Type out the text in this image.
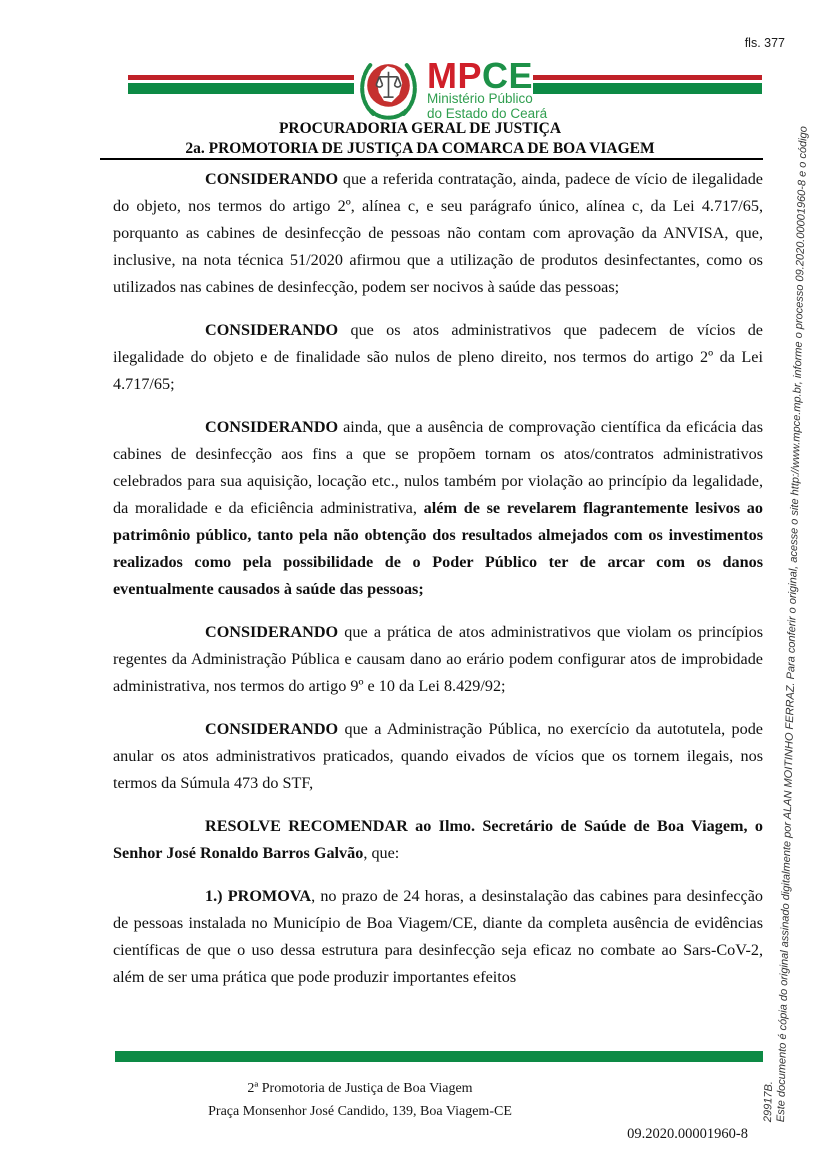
fls. 377
MPCE
Ministério Público
do Estado do Ceará
PROCURADORIA GERAL DE JUSTIÇA
2a. PROMOTORIA DE JUSTIÇA DA COMARCA DE BOA VIAGEM

CONSIDERANDO que a referida contratação, ainda, padece de vício de ilegalidade do objeto, nos termos do artigo 2º, alínea c, e seu parágrafo único, alínea c, da Lei 4.717/65, porquanto as cabines de desinfecção de pessoas não contam com aprovação da ANVISA, que, inclusive, na nota técnica 51/2020 afirmou que a utilização de produtos desinfectantes, como os utilizados nas cabines de desinfecção, podem ser nocivos à saúde das pessoas;

CONSIDERANDO que os atos administrativos que padecem de vícios de ilegalidade do objeto e de finalidade são nulos de pleno direito, nos termos do artigo 2º da Lei 4.717/65;

CONSIDERANDO ainda, que a ausência de comprovação científica da eficácia das cabines de desinfecção aos fins a que se propõem tornam os atos/contratos administrativos celebrados para sua aquisição, locação etc., nulos também por violação ao princípio da legalidade, da moralidade e da eficiência administrativa, além de se revelarem flagrantemente lesivos ao patrimônio público, tanto pela não obtenção dos resultados almejados com os investimentos realizados como pela possibilidade de o Poder Público ter de arcar com os danos eventualmente causados à saúde das pessoas;

CONSIDERANDO que a prática de atos administrativos que violam os princípios regentes da Administração Pública e causam dano ao erário podem configurar atos de improbidade administrativa, nos termos do artigo 9º e 10 da Lei 8.429/92;

CONSIDERANDO que a Administração Pública, no exercício da autotutela, pode anular os atos administrativos praticados, quando eivados de vícios que os tornem ilegais, nos termos da Súmula 473 do STF,

RESOLVE RECOMENDAR ao Ilmo. Secretário de Saúde de Boa Viagem, o Senhor José Ronaldo Barros Galvão, que:

1.) PROMOVA, no prazo de 24 horas, a desinstalação das cabines para desinfecção de pessoas instalada no Município de Boa Viagem/CE, diante da completa ausência de evidências científicas de que o uso dessa estrutura para desinfecção seja eficaz no combate ao Sars-CoV-2, além de ser uma prática que pode produzir importantes efeitos

2ª Promotoria de Justiça de Boa Viagem
Praça Monsenhor José Candido, 139, Boa Viagem-CE
09.2020.00001960-8
Este documento é cópia do original assinado digitalmente por ALAN MOITINHO FERRAZ. Para conferir o original, acesse o site http://www.mpce.mp.br, informe o processo 09.2020.00001960-8 e o código
29917B.
